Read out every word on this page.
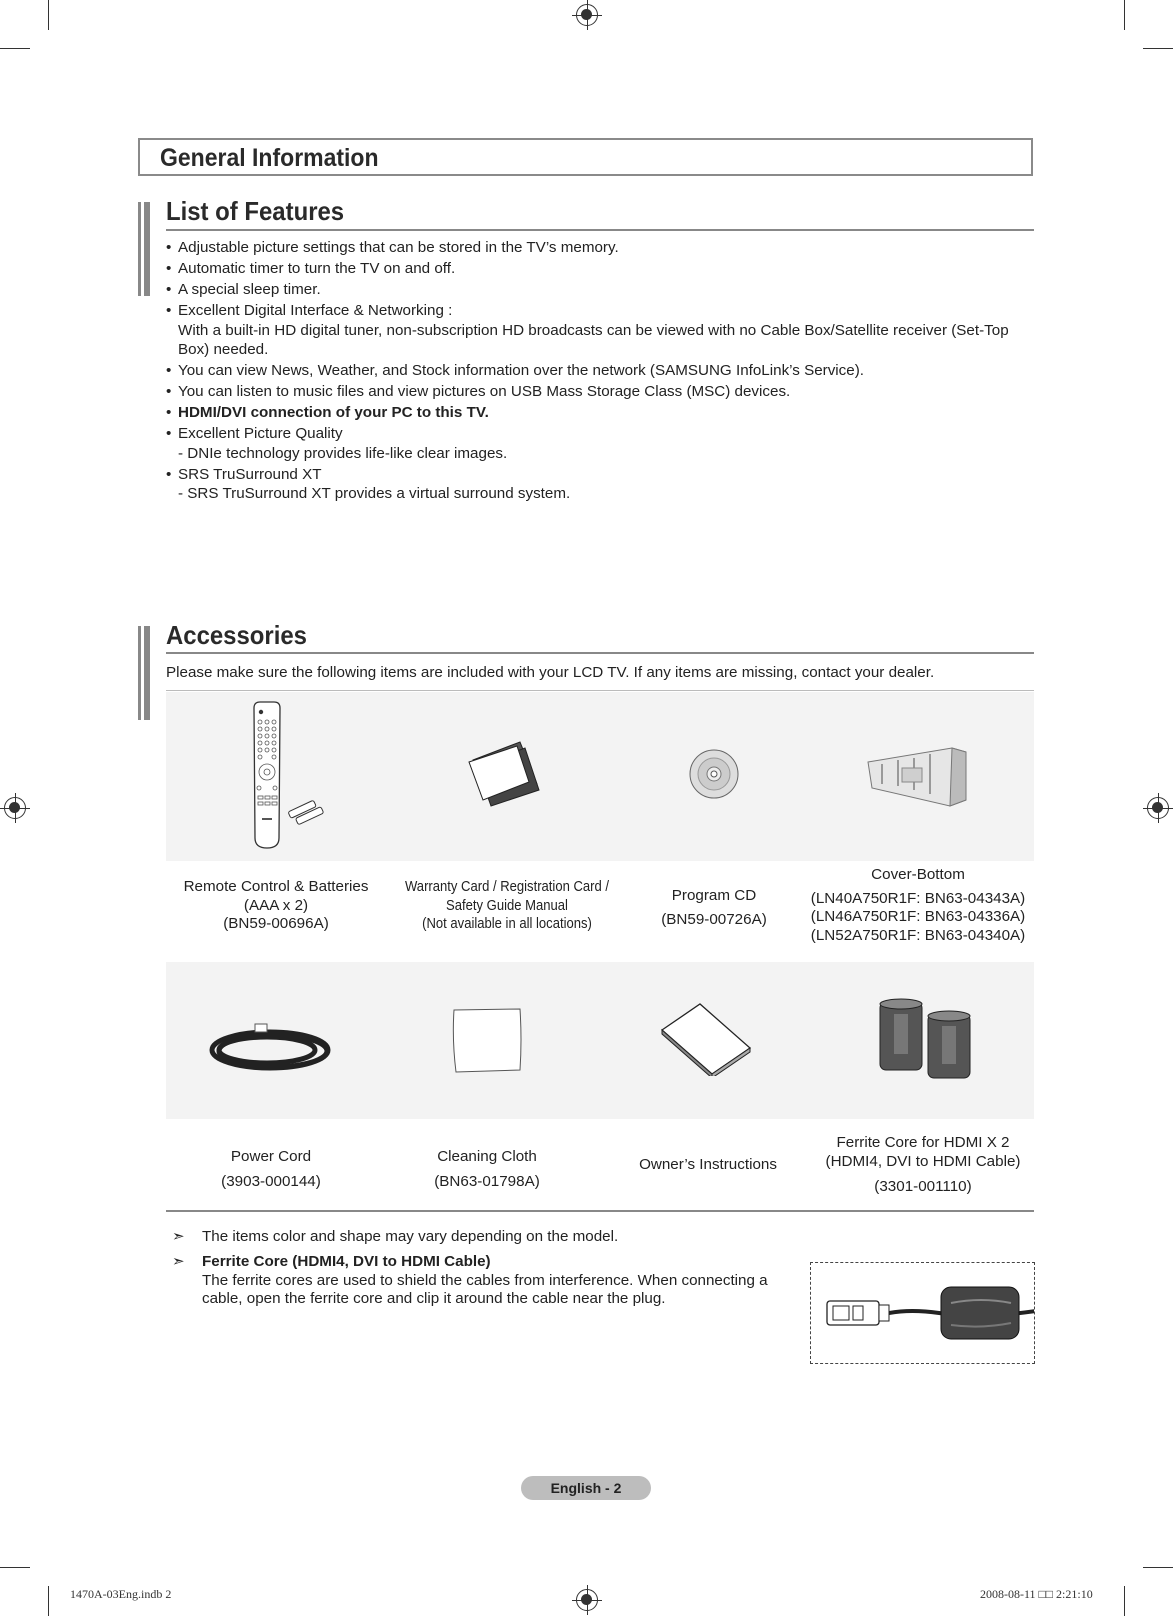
General Information
List of Features
• Adjustable picture settings that can be stored in the TV’s memory.
• Automatic timer to turn the TV on and off.
• A special sleep timer.
• Excellent Digital Interface & Networking :
With a built-in HD digital tuner, non-subscription HD broadcasts can be viewed with no Cable Box/Satellite receiver (Set-Top Box) needed.
• You can view News, Weather, and Stock information over the network (SAMSUNG InfoLink’s Service).
• You can listen to music files and view pictures on USB Mass Storage Class (MSC) devices.
• HDMI/DVI connection of your PC to this TV.
• Excellent Picture Quality
- DNIe technology provides life-like clear images.
• SRS TruSurround XT
- SRS TruSurround XT provides a virtual surround system.
Accessories
Please make sure the following items are included with your LCD TV. If any items are missing, contact your dealer.
Remote Control & Batteries
(AAA x 2)
(BN59-00696A)
Warranty Card / Registration Card /
Safety Guide Manual
(Not available in all locations)
Program CD
(BN59-00726A)
Cover-Bottom
(LN40A750R1F: BN63-04343A)
(LN46A750R1F: BN63-04336A)
(LN52A750R1F: BN63-04340A)
Power Cord
(3903-000144)
Cleaning Cloth
(BN63-01798A)
Owner’s Instructions
Ferrite Core for HDMI X 2
(HDMI4, DVI to HDMI Cable)
(3301-001110)
➣ The items color and shape may vary depending on the model.
➣ Ferrite Core (HDMI4, DVI to HDMI Cable)
The ferrite cores are used to shield the cables from interference. When connecting a cable, open the ferrite core and clip it around the cable near the plug.
English - 2
1470A-03Eng.indb 2	2008-08-11 □□ 2:21:10
